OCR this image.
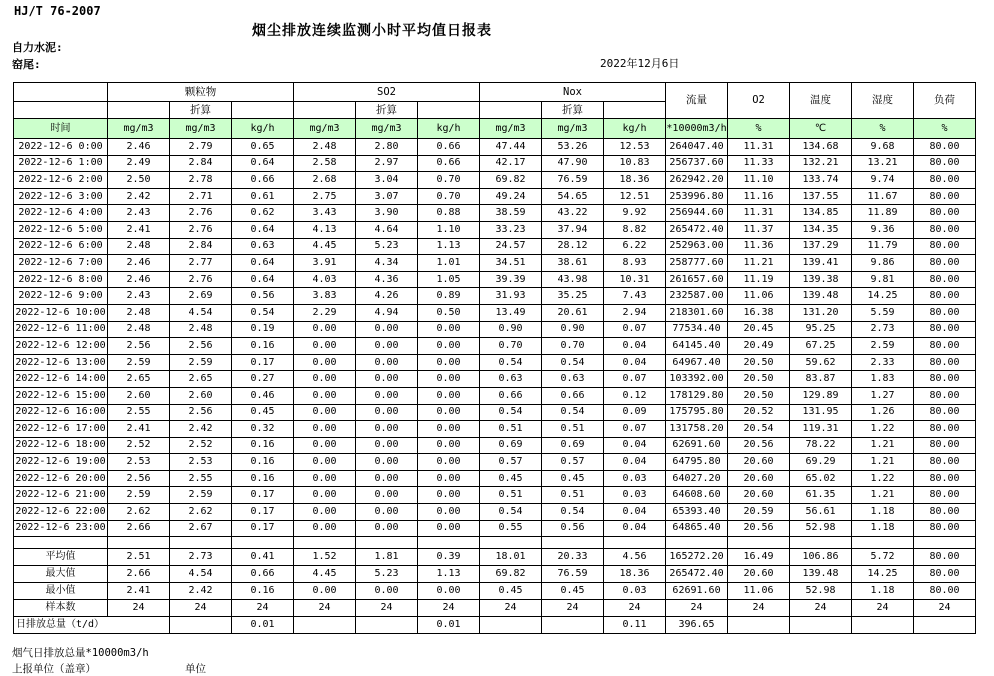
HJ/T 76-2007
烟尘排放连续监测小时平均值日报表
自力水泥:
窑尾:	2022年12月6日
	颗粒物			SO2			Nox			流量	O2	温度	湿度	负荷
		折算			折算			折算						
时间	mg/m3	mg/m3	kg/h	mg/m3	mg/m3	kg/h	mg/m3	mg/m3	kg/h	*10000m3/h	%	℃	%	%
2022-12-6 0:00	2.46	2.79	0.65	2.48	2.80	0.66	47.44	53.26	12.53	264047.40	11.31	134.68	9.68	80.00
2022-12-6 1:00	2.49	2.84	0.64	2.58	2.97	0.66	42.17	47.90	10.83	256737.60	11.33	132.21	13.21	80.00
2022-12-6 2:00	2.50	2.78	0.66	2.68	3.04	0.70	69.82	76.59	18.36	262942.20	11.10	133.74	9.74	80.00
2022-12-6 3:00	2.42	2.71	0.61	2.75	3.07	0.70	49.24	54.65	12.51	253996.80	11.16	137.55	11.67	80.00
2022-12-6 4:00	2.43	2.76	0.62	3.43	3.90	0.88	38.59	43.22	9.92	256944.60	11.31	134.85	11.89	80.00
2022-12-6 5:00	2.41	2.76	0.64	4.13	4.64	1.10	33.23	37.94	8.82	265472.40	11.37	134.35	9.36	80.00
2022-12-6 6:00	2.48	2.84	0.63	4.45	5.23	1.13	24.57	28.12	6.22	252963.00	11.36	137.29	11.79	80.00
2022-12-6 7:00	2.46	2.77	0.64	3.91	4.34	1.01	34.51	38.61	8.93	258777.60	11.21	139.41	9.86	80.00
2022-12-6 8:00	2.46	2.76	0.64	4.03	4.36	1.05	39.39	43.98	10.31	261657.60	11.19	139.38	9.81	80.00
2022-12-6 9:00	2.43	2.69	0.56	3.83	4.26	0.89	31.93	35.25	7.43	232587.00	11.06	139.48	14.25	80.00
2022-12-6 10:00	2.48	4.54	0.54	2.29	4.94	0.50	13.49	20.61	2.94	218301.60	16.38	131.20	5.59	80.00
2022-12-6 11:00	2.48	2.48	0.19	0.00	0.00	0.00	0.90	0.90	0.07	77534.40	20.45	95.25	2.73	80.00
2022-12-6 12:00	2.56	2.56	0.16	0.00	0.00	0.00	0.70	0.70	0.04	64145.40	20.49	67.25	2.59	80.00
2022-12-6 13:00	2.59	2.59	0.17	0.00	0.00	0.00	0.54	0.54	0.04	64967.40	20.50	59.62	2.33	80.00
2022-12-6 14:00	2.65	2.65	0.27	0.00	0.00	0.00	0.63	0.63	0.07	103392.00	20.50	83.87	1.83	80.00
2022-12-6 15:00	2.60	2.60	0.46	0.00	0.00	0.00	0.66	0.66	0.12	178129.80	20.50	129.89	1.27	80.00
2022-12-6 16:00	2.55	2.56	0.45	0.00	0.00	0.00	0.54	0.54	0.09	175795.80	20.52	131.95	1.26	80.00
2022-12-6 17:00	2.41	2.42	0.32	0.00	0.00	0.00	0.51	0.51	0.07	131758.20	20.54	119.31	1.22	80.00
2022-12-6 18:00	2.52	2.52	0.16	0.00	0.00	0.00	0.69	0.69	0.04	62691.60	20.56	78.22	1.21	80.00
2022-12-6 19:00	2.53	2.53	0.16	0.00	0.00	0.00	0.57	0.57	0.04	64795.80	20.60	69.29	1.21	80.00
2022-12-6 20:00	2.56	2.55	0.16	0.00	0.00	0.00	0.45	0.45	0.03	64027.20	20.60	65.02	1.22	80.00
2022-12-6 21:00	2.59	2.59	0.17	0.00	0.00	0.00	0.51	0.51	0.03	64608.60	20.60	61.35	1.21	80.00
2022-12-6 22:00	2.62	2.62	0.17	0.00	0.00	0.00	0.54	0.54	0.04	65393.40	20.59	56.61	1.18	80.00
2022-12-6 23:00	2.66	2.67	0.17	0.00	0.00	0.00	0.55	0.56	0.04	64865.40	20.56	52.98	1.18	80.00

平均值	2.51	2.73	0.41	1.52	1.81	0.39	18.01	20.33	4.56	165272.20	16.49	106.86	5.72	80.00
最大值	2.66	4.54	0.66	4.45	5.23	1.13	69.82	76.59	18.36	265472.40	20.60	139.48	14.25	80.00
最小值	2.41	2.42	0.16	0.00	0.00	0.00	0.45	0.45	0.03	62691.60	11.06	52.98	1.18	80.00
样本数	24	24	24	24	24	24	24	24	24	24	24	24	24	24
日排放总量（t/d）			0.01			0.01			0.11	396.65				
烟气日排放总量*10000m3/h
上报单位（盖章）	单位
